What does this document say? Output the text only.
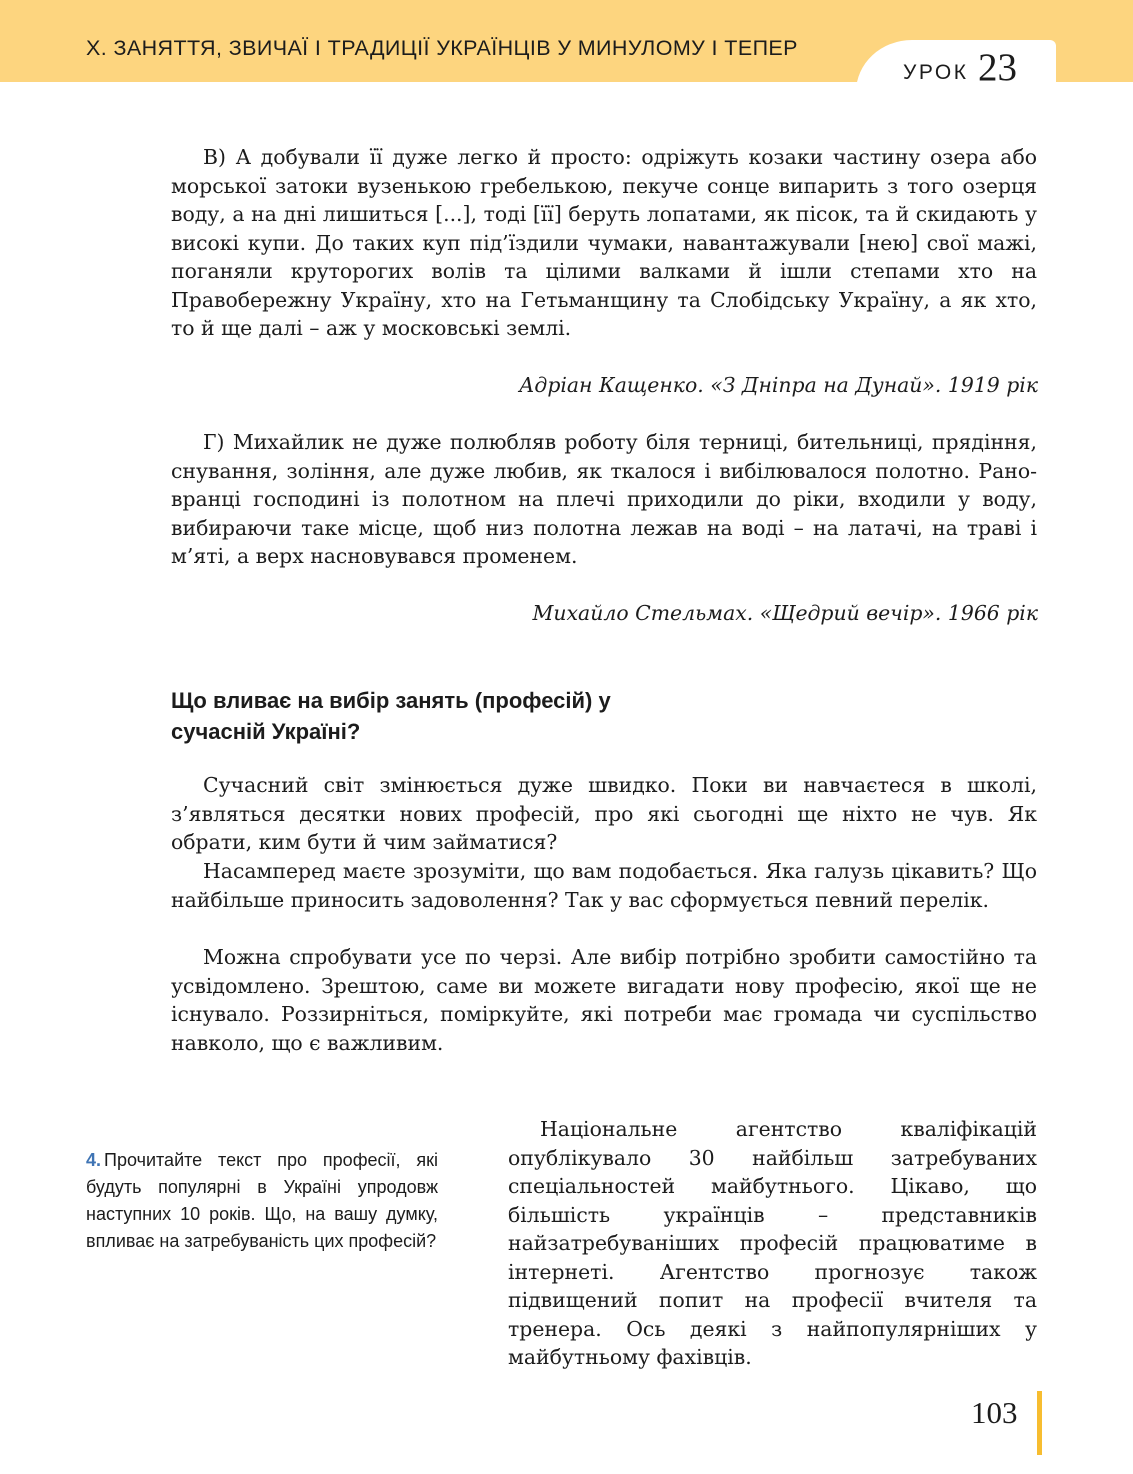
Х. ЗАНЯТТЯ, ЗВИЧАЇ І ТРАДИЦІЇ УКРАЇНЦІВ У МИНУЛОМУ І ТЕПЕР
УРОК 23

В) А добували її дуже легко й просто: одріжуть козаки частину озера або морської затоки вузенькою гребелькою, пекуче сонце випарить з того озерця воду, а на дні лишиться [...], тоді [її] беруть лопатами, як пісок, та й скидають у високі купи. До таких куп під’їздили чумаки, навантажували [нею] свої мажі, поганяли круторогих волів та цілими валками й ішли степами хто на Правобережну Україну, хто на Гетьманщину та Слобідську Україну, а як хто, то й ще далі – аж у московські землі.

Адріан Кащенко. «З Дніпра на Дунай». 1919 рік

Г) Михайлик не дуже полюбляв роботу біля терниці, бительниці, прядіння, снування, зоління, але дуже любив, як ткалося і вибілювалося полотно. Рано-вранці господині із полотном на плечі приходили до ріки, входили у воду, вибираючи таке місце, щоб низ полотна лежав на воді – на латачі, на траві і м’яті, а верх насновувався променем.

Михайло Стельмах. «Щедрий вечір». 1966 рік
Що вливає на вибір занять (професій) у сучасній Україні?

Сучасний світ змінюється дуже швидко. Поки ви навчаєтеся в школі, з’являться десятки нових професій, про які сьогодні ще ніхто не чув. Як обрати, ким бути й чим займатися?

Насамперед маєте зрозуміти, що вам подобається. Яка галузь цікавить? Що найбільше приносить задоволення? Так у вас сформується певний перелік.

Можна спробувати усе по черзі. Але вибір потрібно зробити самостійно та усвідомлено. Зрештою, саме ви можете вигадати нову професію, якої ще не існувало. Роззирніться, поміркуйте, які потреби має громада чи суспільство навколо, що є важливим.

4. Прочитайте текст про професії, які будуть популярні в Україні упродовж наступних 10 років. Що, на вашу думку, впливає на затребуваність цих професій?

Національне агентство кваліфікацій опублікувало 30 найбільш затребуваних спеціальностей майбутнього. Цікаво, що більшість українців – представників найзатребуваніших професій працюватиме в інтернеті. Агентство прогнозує також підвищений попит на професії вчителя та тренера. Ось деякі з найпопулярніших у майбутньому фахівців.

103
